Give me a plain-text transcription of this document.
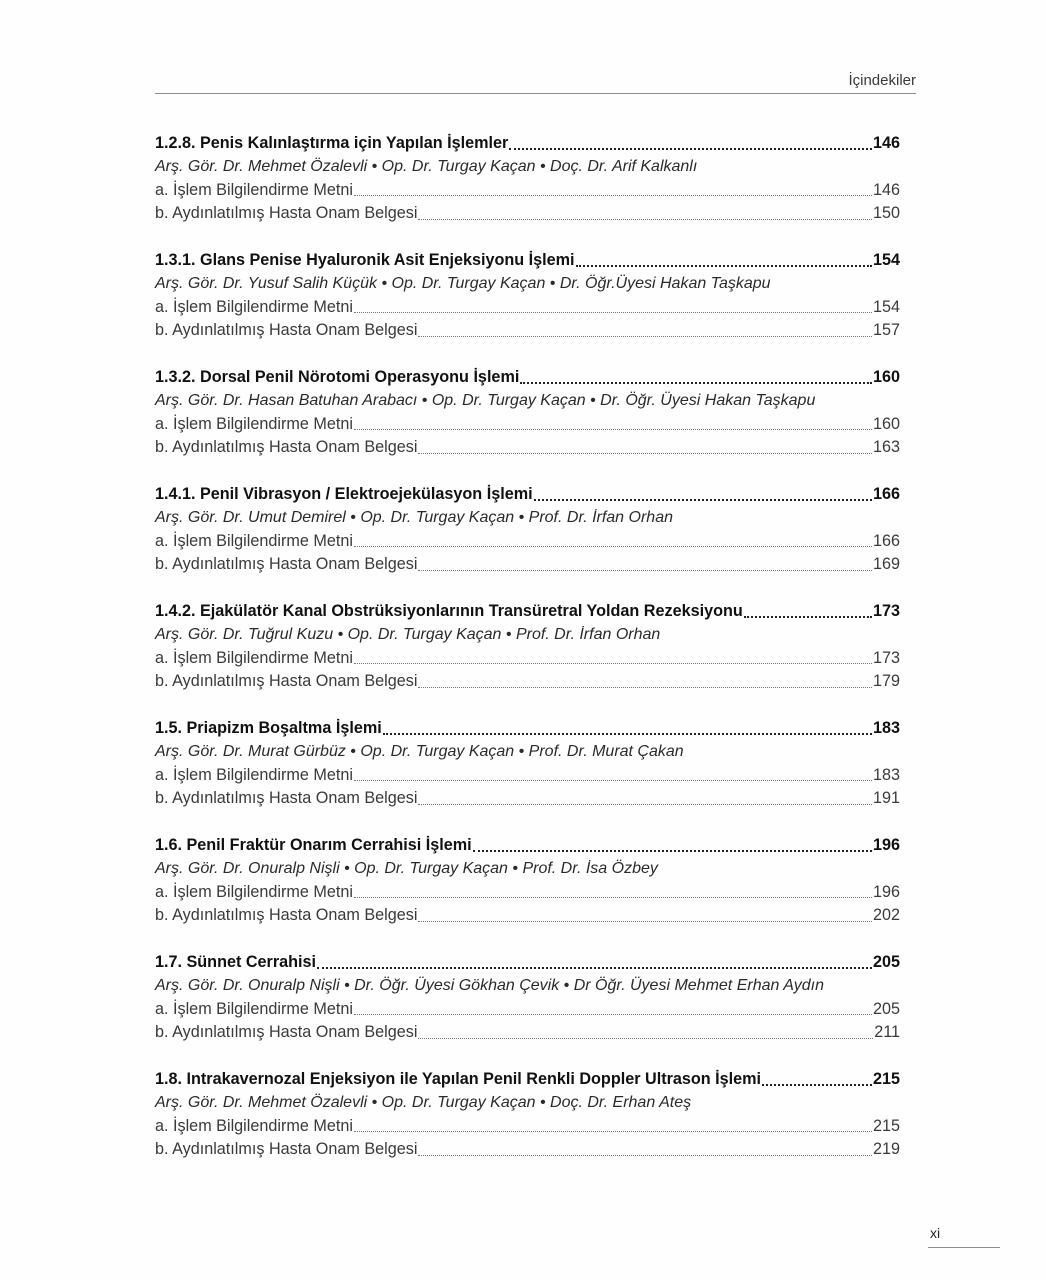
İçindekiler
1.2.8. Penis Kalınlaştırma için Yapılan İşlemler	146
Arş. Gör. Dr. Mehmet Özalevli • Op. Dr. Turgay Kaçan • Doç. Dr. Arif Kalkanlı
a. İşlem Bilgilendirme Metni	146
b. Aydınlatılmış Hasta Onam Belgesi	150
1.3.1. Glans Penise Hyaluronik Asit Enjeksiyonu İşlemi	154
Arş. Gör. Dr. Yusuf Salih Küçük • Op. Dr. Turgay Kaçan • Dr. Öğr.Üyesi Hakan Taşkapu
a. İşlem Bilgilendirme Metni	154
b. Aydınlatılmış Hasta Onam Belgesi	157
1.3.2. Dorsal Penil Nörotomi Operasyonu İşlemi	160
Arş. Gör. Dr. Hasan Batuhan Arabacı • Op. Dr. Turgay Kaçan • Dr. Öğr. Üyesi Hakan Taşkapu
a. İşlem Bilgilendirme Metni	160
b. Aydınlatılmış Hasta Onam Belgesi	163
1.4.1. Penil Vibrasyon / Elektroejekülasyon İşlemi	166
Arş. Gör. Dr. Umut Demirel • Op. Dr. Turgay Kaçan • Prof. Dr. İrfan Orhan
a. İşlem Bilgilendirme Metni	166
b. Aydınlatılmış Hasta Onam Belgesi	169
1.4.2. Ejakülatör Kanal Obstrüksiyonlarının Transüretral Yoldan Rezeksiyonu	173
Arş. Gör. Dr. Tuğrul Kuzu • Op. Dr. Turgay Kaçan • Prof. Dr. İrfan Orhan
a. İşlem Bilgilendirme Metni	173
b. Aydınlatılmış Hasta Onam Belgesi	179
1.5. Priapizm Boşaltma İşlemi	183
Arş. Gör. Dr. Murat Gürbüz • Op. Dr. Turgay Kaçan • Prof. Dr. Murat Çakan
a. İşlem Bilgilendirme Metni	183
b. Aydınlatılmış Hasta Onam Belgesi	191
1.6. Penil Fraktür Onarım Cerrahisi İşlemi	196
Arş. Gör. Dr. Onuralp Nişli • Op. Dr. Turgay Kaçan • Prof. Dr. İsa Özbey
a. İşlem Bilgilendirme Metni	196
b. Aydınlatılmış Hasta Onam Belgesi	202
1.7. Sünnet Cerrahisi	205
Arş. Gör. Dr. Onuralp Nişli • Dr. Öğr. Üyesi Gökhan Çevik • Dr Öğr. Üyesi Mehmet Erhan Aydın
a. İşlem Bilgilendirme Metni	205
b. Aydınlatılmış Hasta Onam Belgesi	211
1.8. Intrakavernozal Enjeksiyon ile Yapılan Penil Renkli Doppler Ultrason İşlemi	215
Arş. Gör. Dr. Mehmet Özalevli • Op. Dr. Turgay Kaçan • Doç. Dr. Erhan Ateş
a. İşlem Bilgilendirme Metni	215
b. Aydınlatılmış Hasta Onam Belgesi	219
xi
